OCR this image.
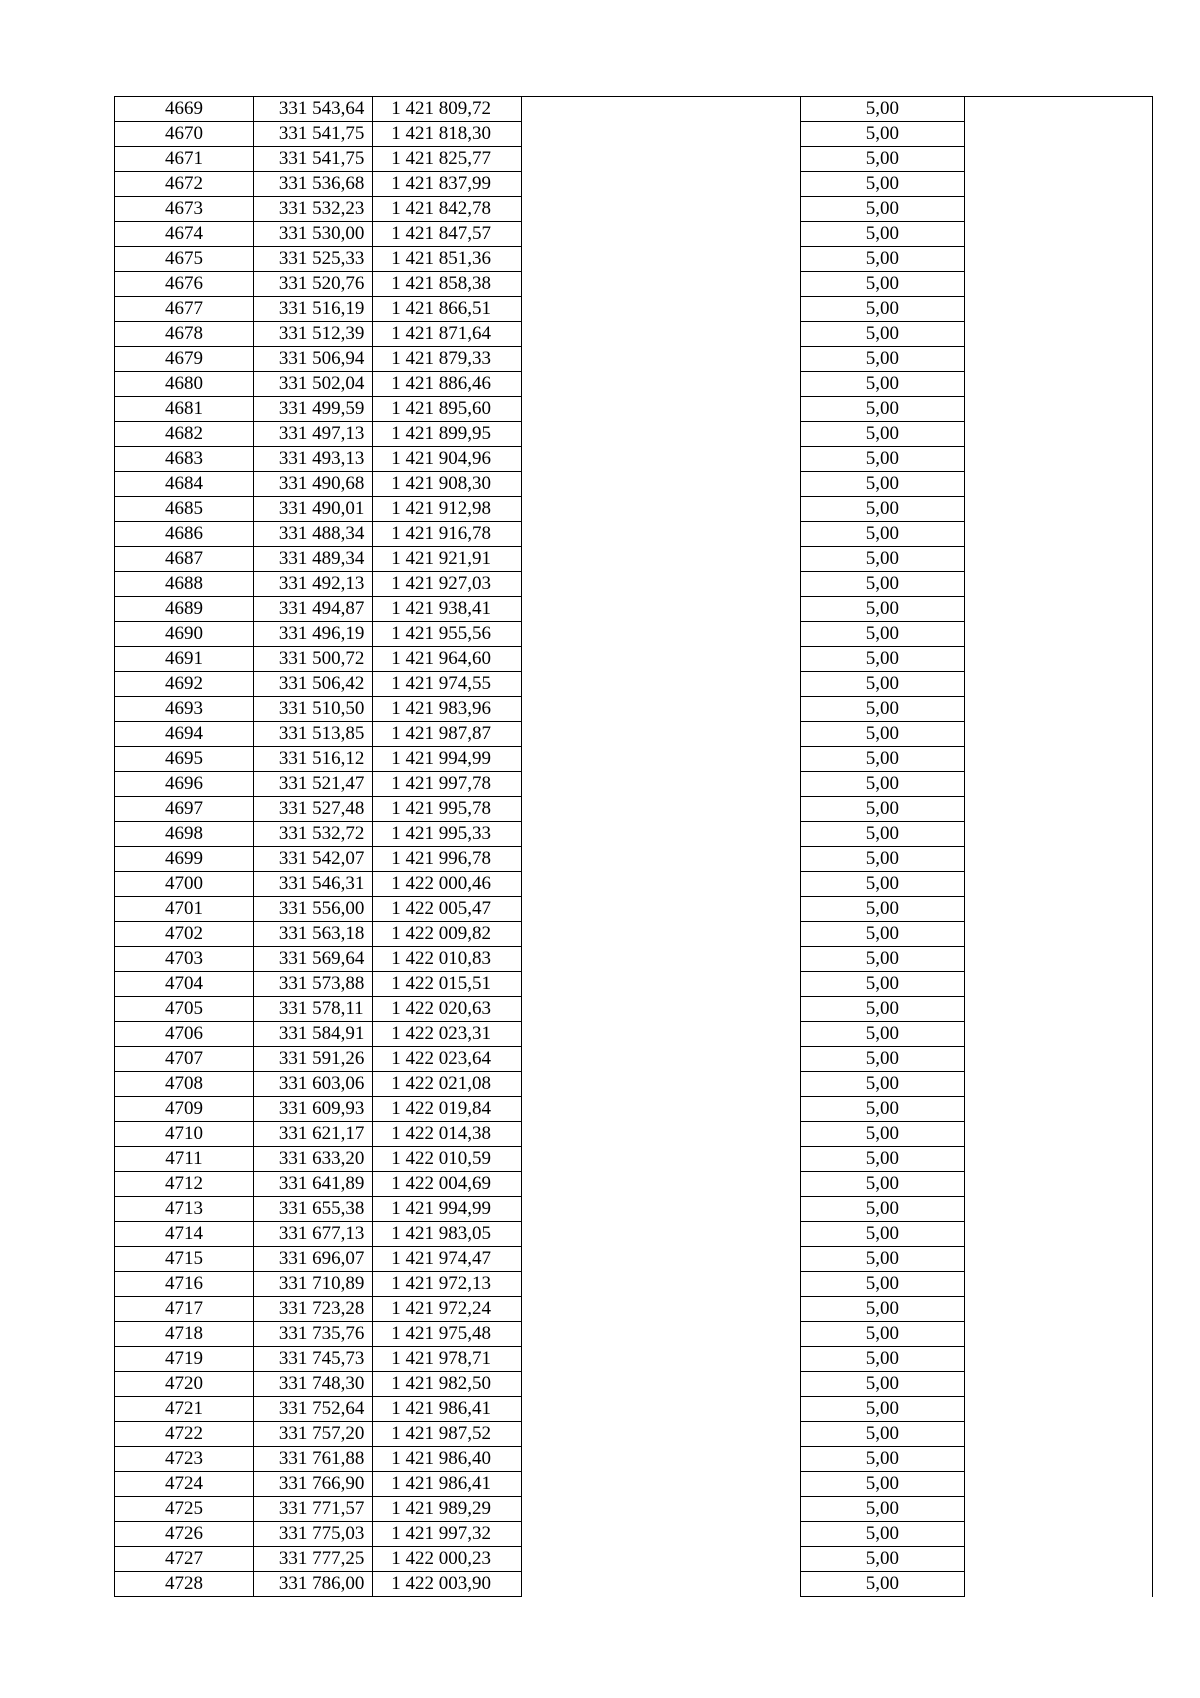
4669	331 543,64	1 421 809,72		5,00	
4670	331 541,75	1 421 818,30		5,00	
4671	331 541,75	1 421 825,77		5,00	
4672	331 536,68	1 421 837,99		5,00	
4673	331 532,23	1 421 842,78		5,00	
4674	331 530,00	1 421 847,57		5,00	
4675	331 525,33	1 421 851,36		5,00	
4676	331 520,76	1 421 858,38		5,00	
4677	331 516,19	1 421 866,51		5,00	
4678	331 512,39	1 421 871,64		5,00	
4679	331 506,94	1 421 879,33		5,00	
4680	331 502,04	1 421 886,46		5,00	
4681	331 499,59	1 421 895,60		5,00	
4682	331 497,13	1 421 899,95		5,00	
4683	331 493,13	1 421 904,96		5,00	
4684	331 490,68	1 421 908,30		5,00	
4685	331 490,01	1 421 912,98		5,00	
4686	331 488,34	1 421 916,78		5,00	
4687	331 489,34	1 421 921,91		5,00	
4688	331 492,13	1 421 927,03		5,00	
4689	331 494,87	1 421 938,41		5,00	
4690	331 496,19	1 421 955,56		5,00	
4691	331 500,72	1 421 964,60		5,00	
4692	331 506,42	1 421 974,55		5,00	
4693	331 510,50	1 421 983,96		5,00	
4694	331 513,85	1 421 987,87		5,00	
4695	331 516,12	1 421 994,99		5,00	
4696	331 521,47	1 421 997,78		5,00	
4697	331 527,48	1 421 995,78		5,00	
4698	331 532,72	1 421 995,33		5,00	
4699	331 542,07	1 421 996,78		5,00	
4700	331 546,31	1 422 000,46		5,00	
4701	331 556,00	1 422 005,47		5,00	
4702	331 563,18	1 422 009,82		5,00	
4703	331 569,64	1 422 010,83		5,00	
4704	331 573,88	1 422 015,51		5,00	
4705	331 578,11	1 422 020,63		5,00	
4706	331 584,91	1 422 023,31		5,00	
4707	331 591,26	1 422 023,64		5,00	
4708	331 603,06	1 422 021,08		5,00	
4709	331 609,93	1 422 019,84		5,00	
4710	331 621,17	1 422 014,38		5,00	
4711	331 633,20	1 422 010,59		5,00	
4712	331 641,89	1 422 004,69		5,00	
4713	331 655,38	1 421 994,99		5,00	
4714	331 677,13	1 421 983,05		5,00	
4715	331 696,07	1 421 974,47		5,00	
4716	331 710,89	1 421 972,13		5,00	
4717	331 723,28	1 421 972,24		5,00	
4718	331 735,76	1 421 975,48		5,00	
4719	331 745,73	1 421 978,71		5,00	
4720	331 748,30	1 421 982,50		5,00	
4721	331 752,64	1 421 986,41		5,00	
4722	331 757,20	1 421 987,52		5,00	
4723	331 761,88	1 421 986,40		5,00	
4724	331 766,90	1 421 986,41		5,00	
4725	331 771,57	1 421 989,29		5,00	
4726	331 775,03	1 421 997,32		5,00	
4727	331 777,25	1 422 000,23		5,00	
4728	331 786,00	1 422 003,90		5,00	
